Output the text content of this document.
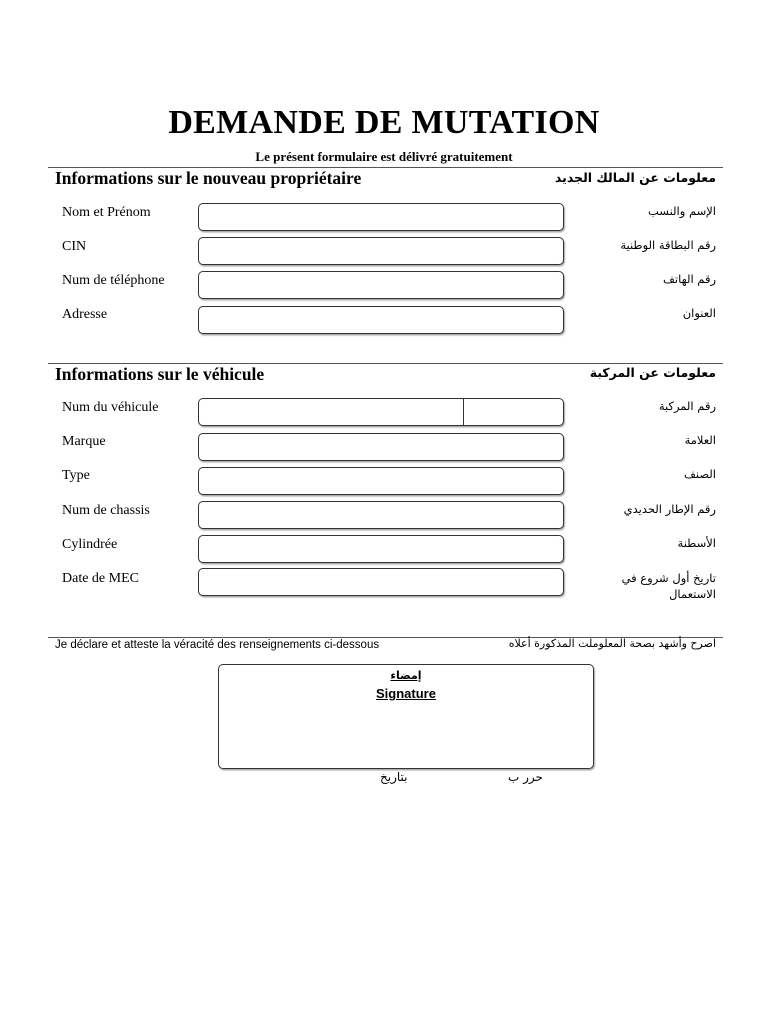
DEMANDE DE MUTATION
Le présent formulaire est délivré gratuitement
Informations sur le nouveau propriétaire	معلومات عن المالك الجديد
Nom et Prénom	الإسم والنسب
CIN	رقم البطاقة الوطنية
Num de téléphone	رقم الهاتف
Adresse	العنوان
Informations sur le véhicule	معلومات عن المركبة
Num du véhicule	رقم المركبة
Marque	العلامة
Type	الصنف
Num de chassis	رقم الإطار الحديدي
Cylindrée	الأسطنة
Date de MEC	تاريخ أول شروع في الاستعمال
Je déclare et atteste la véracité des renseignements ci-dessous	اصرح وأشهد بصحة المعلوملت المذكورة أعلاه
إمضاء
Signature
حرر ب
بتاريخ
